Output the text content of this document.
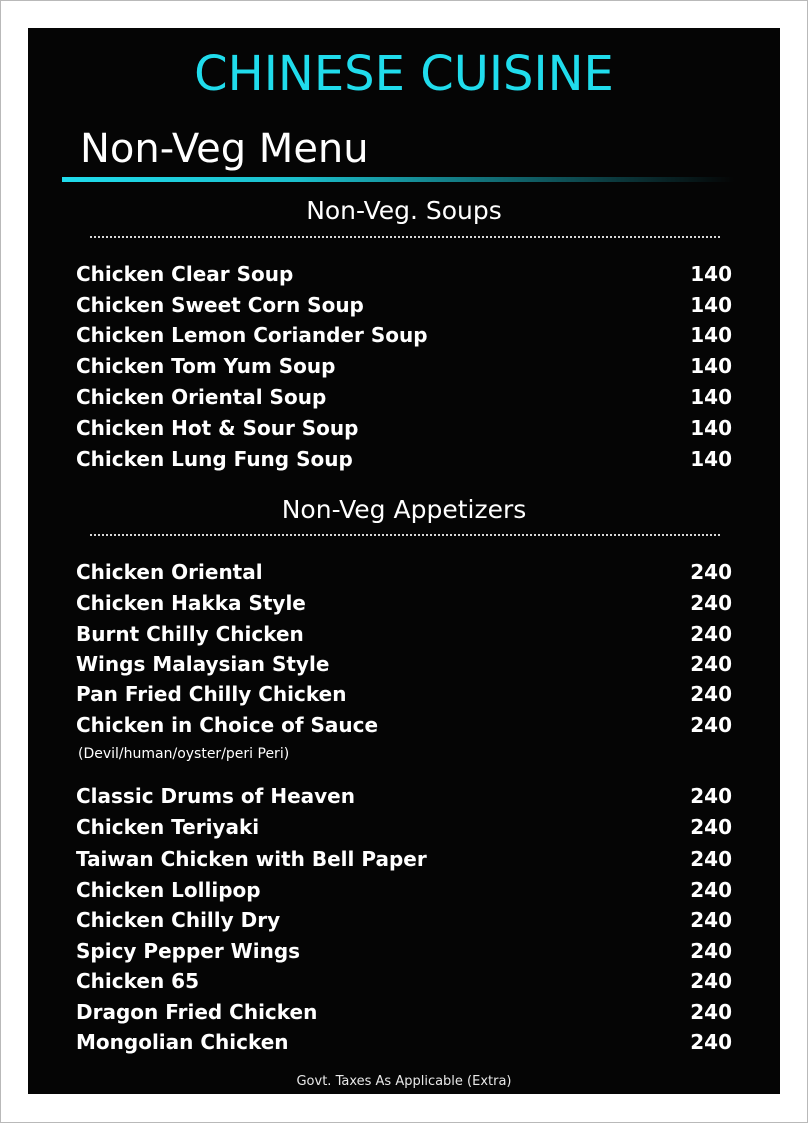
CHINESE CUISINE
Non-Veg Menu
Non-Veg. Soups
Chicken Clear Soup	140
Chicken Sweet Corn Soup	140
Chicken Lemon Coriander Soup	140
Chicken Tom Yum Soup	140
Chicken Oriental Soup	140
Chicken Hot & Sour Soup	140
Chicken Lung Fung Soup	140
Non-Veg Appetizers
Chicken Oriental	240
Chicken Hakka Style	240
Burnt Chilly Chicken	240
Wings Malaysian Style	240
Pan Fried Chilly Chicken	240
Chicken in Choice of Sauce	240
(Devil/human/oyster/peri Peri)
Classic Drums of Heaven	240
Chicken Teriyaki	240
Taiwan Chicken with Bell Paper	240
Chicken Lollipop	240
Chicken Chilly Dry	240
Spicy Pepper Wings	240
Chicken 65	240
Dragon Fried Chicken	240
Mongolian Chicken	240
Govt. Taxes As Applicable (Extra)
